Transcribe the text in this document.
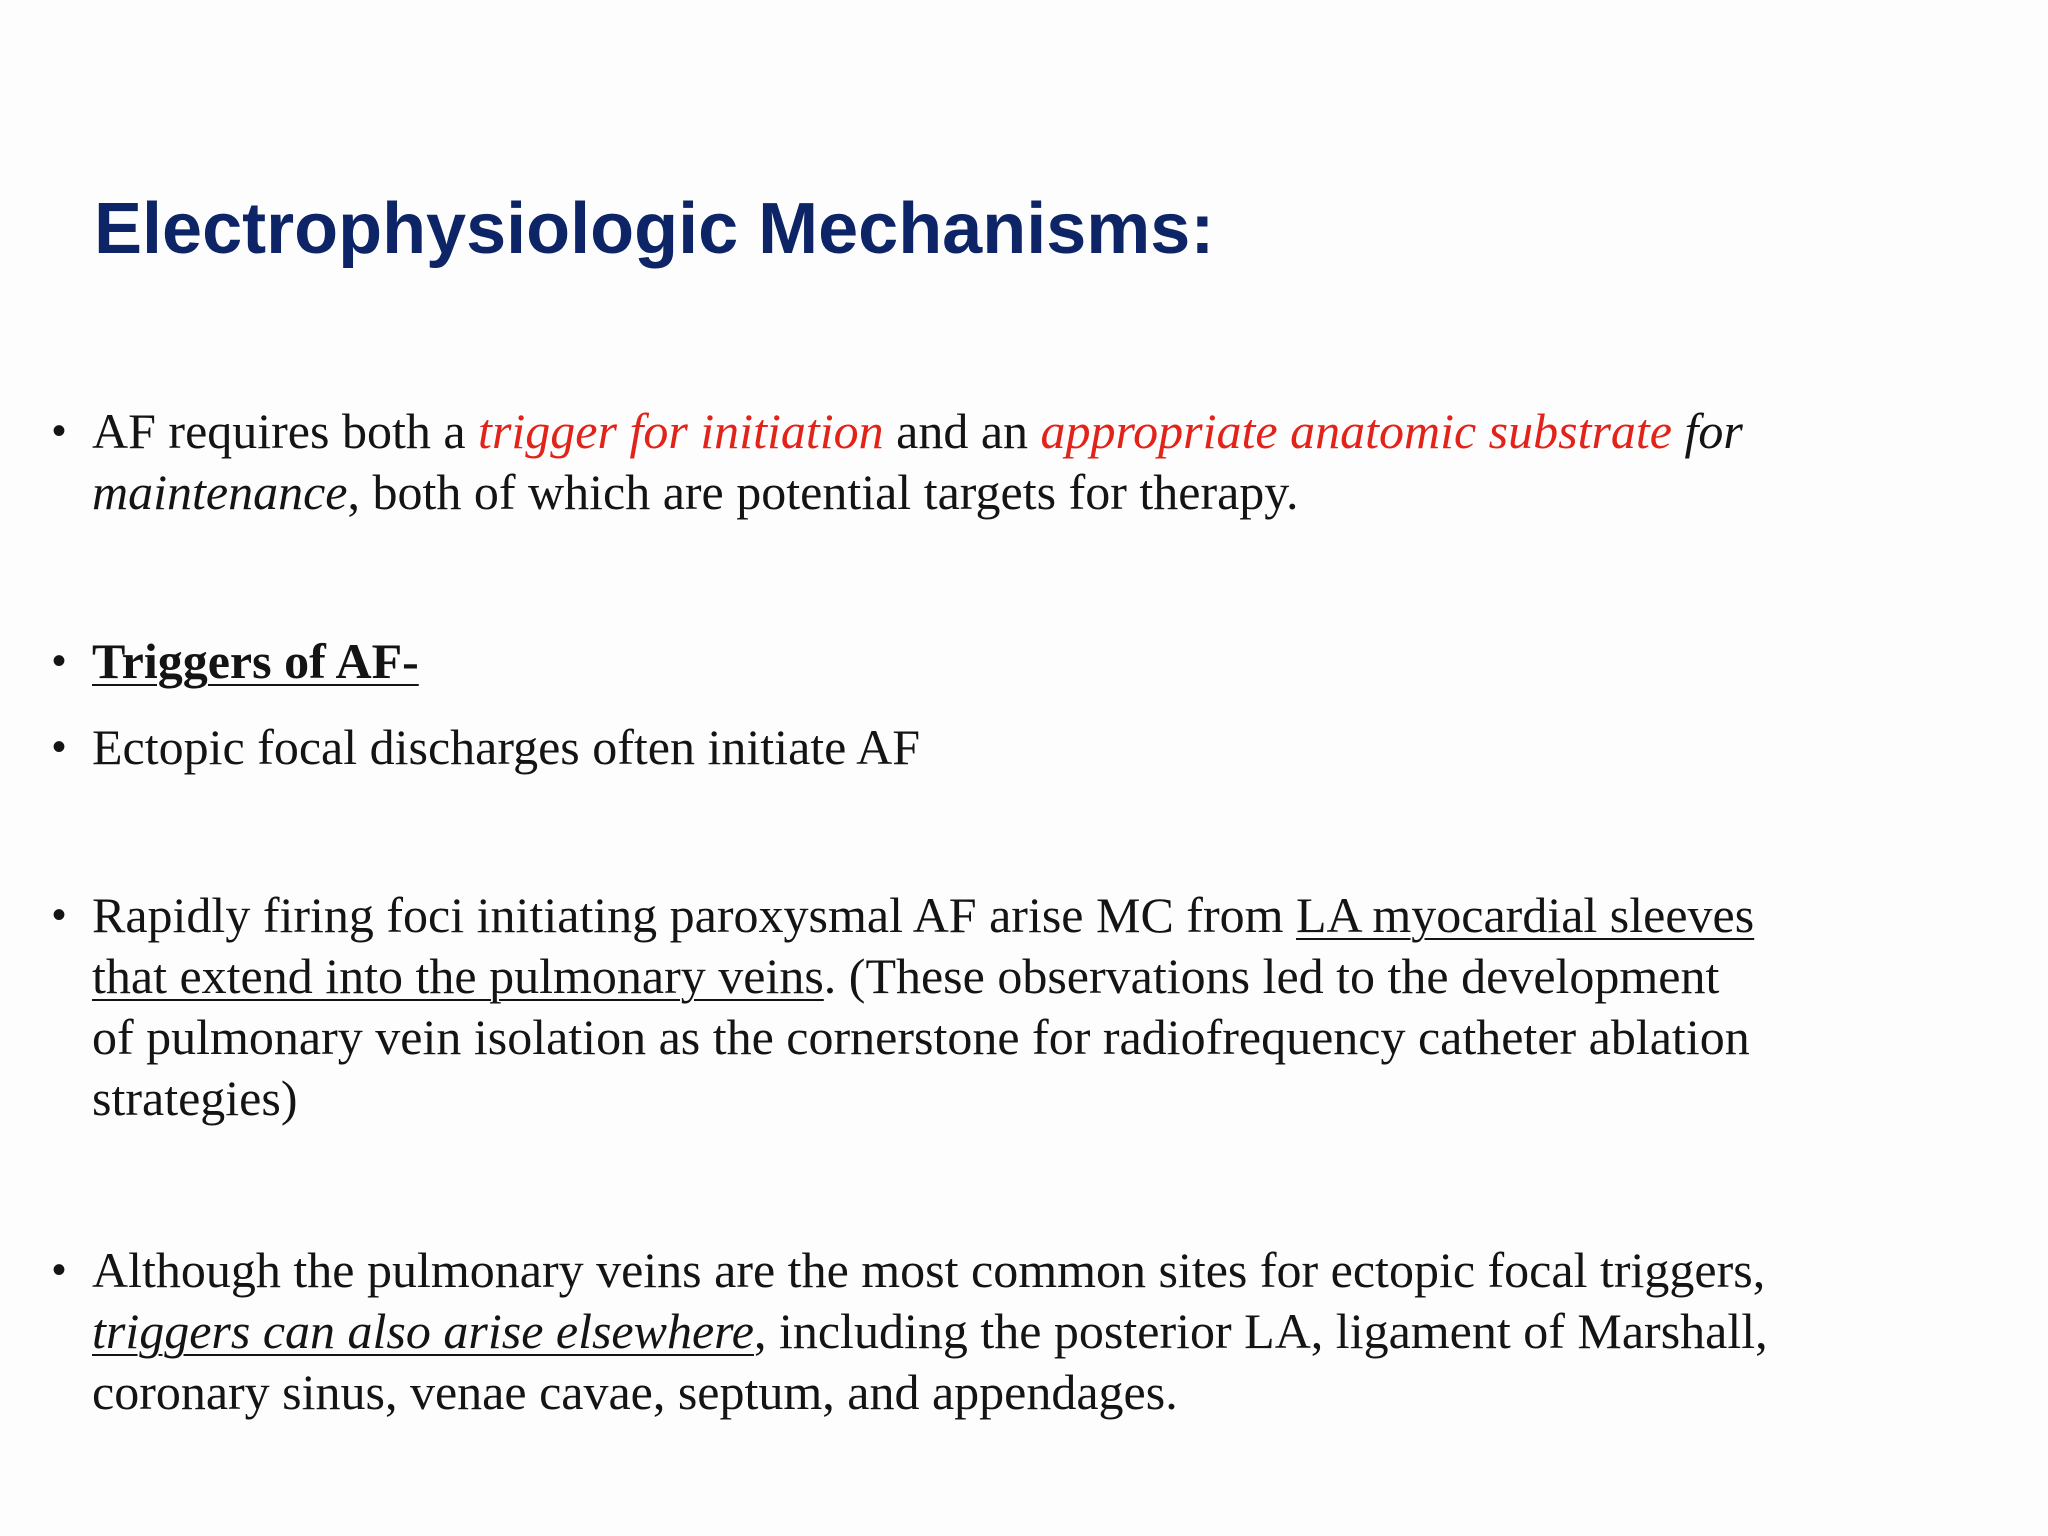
Electrophysiologic Mechanisms:
• AF requires both a trigger for initiation and an appropriate anatomic substrate for
maintenance, both of which are potential targets for therapy.
• Triggers of AF-
• Ectopic focal discharges often initiate AF
• Rapidly firing foci initiating paroxysmal AF arise MC from LA myocardial sleeves
that extend into the pulmonary veins. (These observations led to the development
of pulmonary vein isolation as the cornerstone for radiofrequency catheter ablation
strategies)
• Although the pulmonary veins are the most common sites for ectopic focal triggers,
triggers can also arise elsewhere, including the posterior LA, ligament of Marshall,
coronary sinus, venae cavae, septum, and appendages.
